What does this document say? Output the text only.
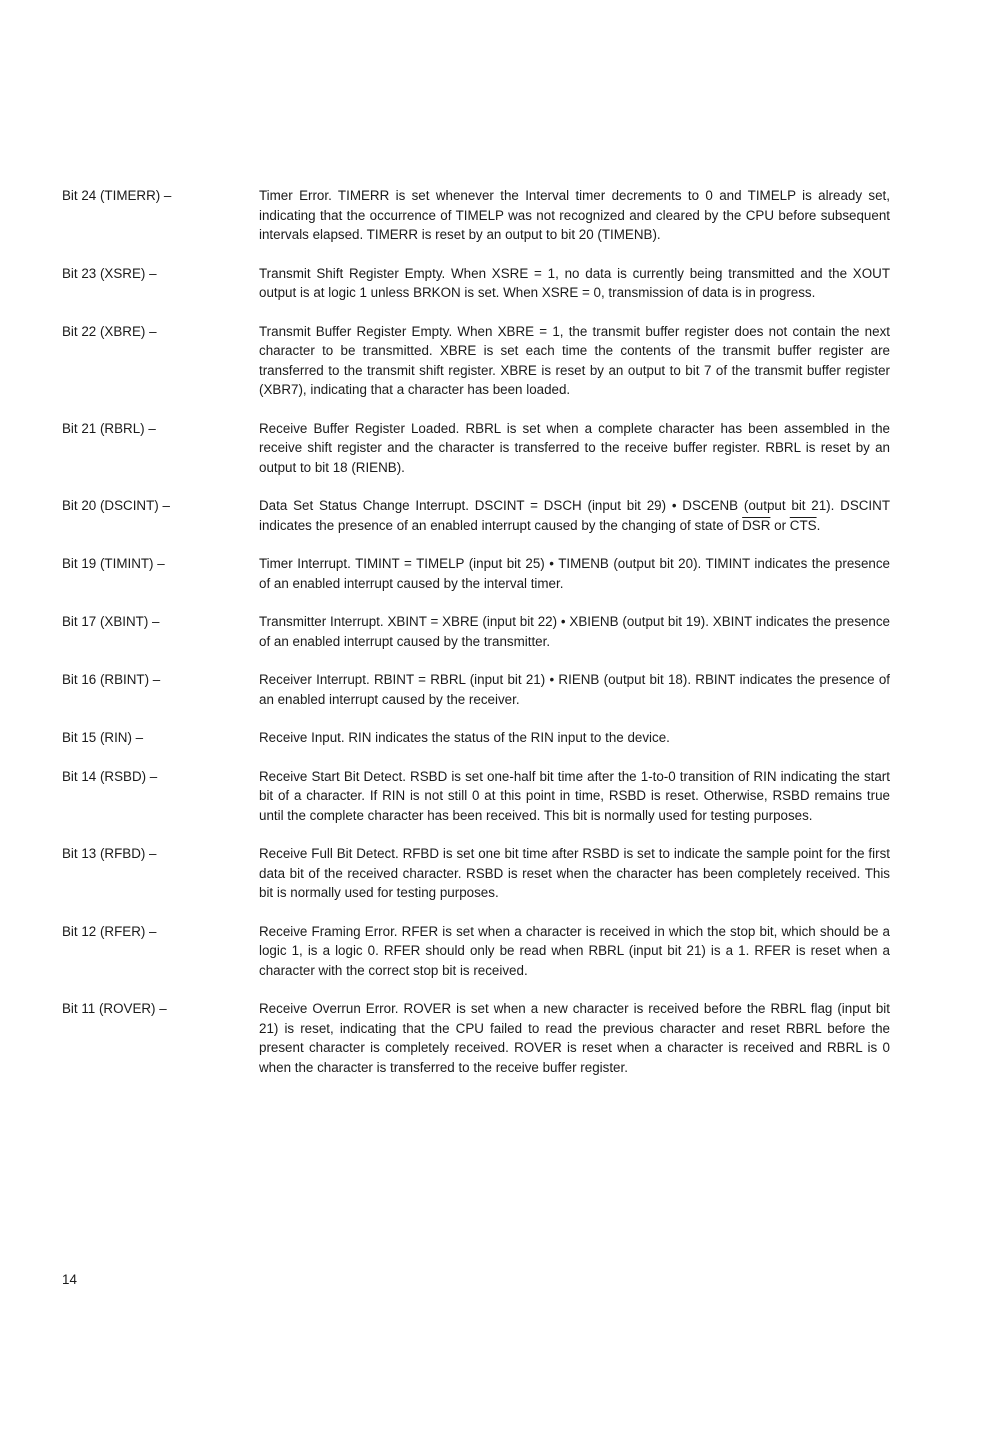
Bit 24 (TIMERR) –	Timer Error. TIMERR is set whenever the Interval timer decrements to 0 and TIMELP is already set, indicating that the occurrence of TIMELP was not recognized and cleared by the CPU before subsequent intervals elapsed. TIMERR is reset by an output to bit 20 (TIMENB).
Bit 23 (XSRE) –	Transmit Shift Register Empty. When XSRE = 1, no data is currently being transmitted and the XOUT output is at logic 1 unless BRKON is set. When XSRE = 0, transmission of data is in progress.
Bit 22 (XBRE) –	Transmit Buffer Register Empty. When XBRE = 1, the transmit buffer register does not contain the next character to be transmitted. XBRE is set each time the contents of the transmit buffer register are transferred to the transmit shift register. XBRE is reset by an output to bit 7 of the transmit buffer register (XBR7), indicating that a character has been loaded.
Bit 21 (RBRL) –	Receive Buffer Register Loaded. RBRL is set when a complete character has been assembled in the receive shift register and the character is transferred to the receive buffer register. RBRL is reset by an output to bit 18 (RIENB).
Bit 20 (DSCINT) –	Data Set Status Change Interrupt. DSCINT = DSCH (input bit 29) • DSCENB (output bit 21). DSCINT indicates the presence of an enabled interrupt caused by the changing of state of $\overline{DSR}$ or $\overline{CTS}$.
Bit 19 (TIMINT) –	Timer Interrupt. TIMINT = TIMELP (input bit 25) • TIMENB (output bit 20). TIMINT indicates the presence of an enabled interrupt caused by the interval timer.
Bit 17 (XBINT) –	Transmitter Interrupt. XBINT = XBRE (input bit 22) • XBIENB (output bit 19). XBINT indicates the presence of an enabled interrupt caused by the transmitter.
Bit 16 (RBINT) –	Receiver Interrupt. RBINT = RBRL (input bit 21) • RIENB (output bit 18). RBINT indicates the presence of an enabled interrupt caused by the receiver.
Bit 15 (RIN) –	Receive Input. RIN indicates the status of the RIN input to the device.
Bit 14 (RSBD) –	Receive Start Bit Detect. RSBD is set one-half bit time after the 1-to-0 transition of RIN indicating the start bit of a character. If RIN is not still 0 at this point in time, RSBD is reset. Otherwise, RSBD remains true until the complete character has been received. This bit is normally used for testing purposes.
Bit 13 (RFBD) –	Receive Full Bit Detect. RFBD is set one bit time after RSBD is set to indicate the sample point for the first data bit of the received character. RSBD is reset when the character has been completely received. This bit is normally used for testing purposes.
Bit 12 (RFER) –	Receive Framing Error. RFER is set when a character is received in which the stop bit, which should be a logic 1, is a logic 0. RFER should only be read when RBRL (input bit 21) is a 1. RFER is reset when a character with the correct stop bit is received.
Bit 11 (ROVER) –	Receive Overrun Error. ROVER is set when a new character is received before the RBRL flag (input bit 21) is reset, indicating that the CPU failed to read the previous character and reset RBRL before the present character is completely received. ROVER is reset when a character is received and RBRL is 0 when the character is transferred to the receive buffer register.
14
